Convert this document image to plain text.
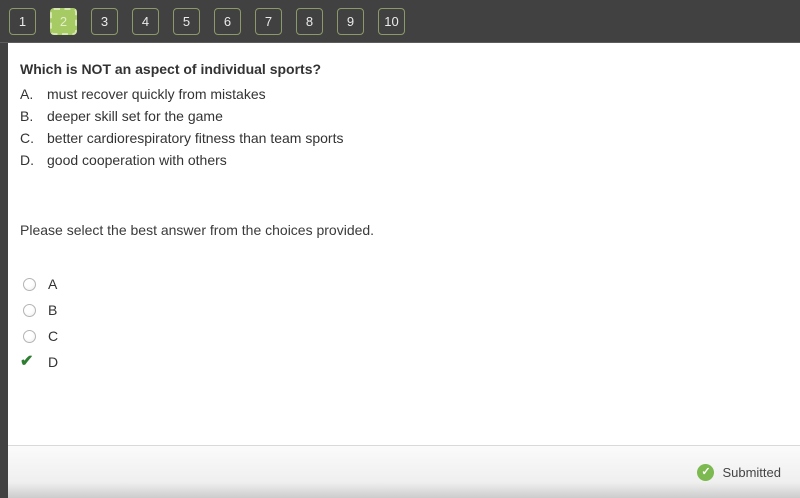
1	2	3	4	5	6	7	8	9	10
Which is NOT an aspect of individual sports?
A. must recover quickly from mistakes
B. deeper skill set for the game
C. better cardiorespiratory fitness than team sports
D. good cooperation with others
Please select the best answer from the choices provided.
A
B
C
✔ D
✓ Submitted
